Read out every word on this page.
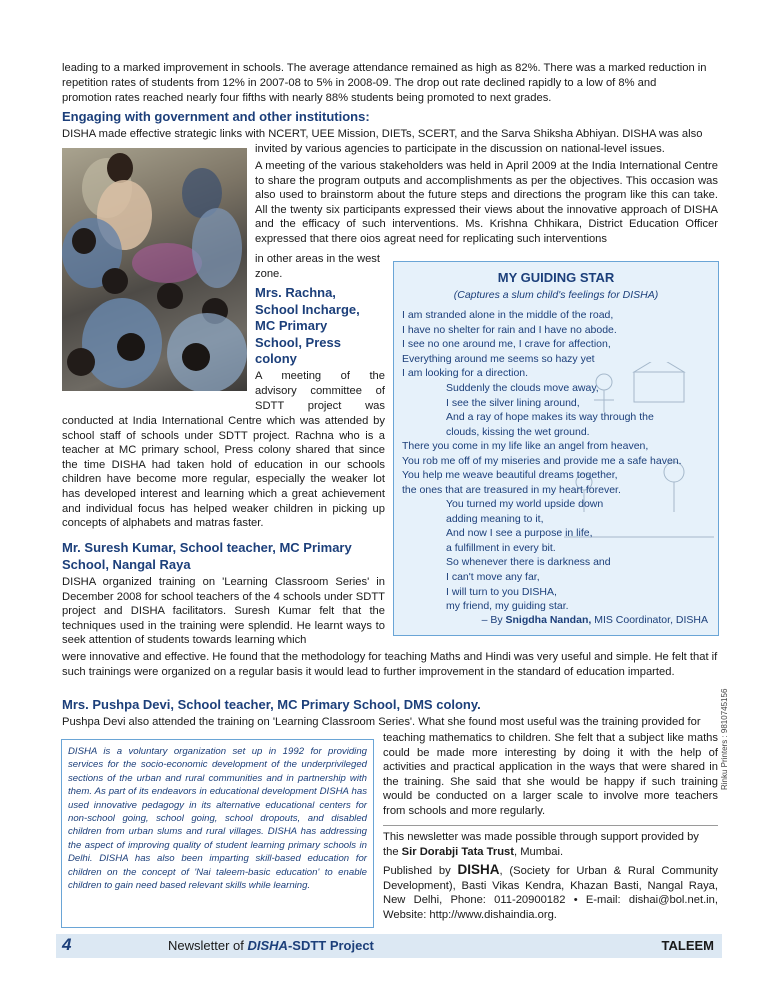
leading to a marked improvement in schools. The average attendance remained as high as 82%. There was a marked reduction in

repetition rates of students from 12% in 2007-08 to 5% in 2008-09. The drop out rate declined rapidly to a low of 8% and

promotion rates reached nearly four fifths with nearly 88% students being promoted to next grades.

Engaging with government and other institutions:

DISHA made effective strategic links with NCERT, UEE Mission, DIETs, SCERT, and the Sarva Shiksha Abhiyan. DISHA was also

invited by various agencies to participate in the discussion on national-level issues.

A meeting of the various stakeholders was held in April 2009 at the India International Centre to share the program outputs and accomplishments as per the objectives. This occasion was also used to brainstorm about the future steps and directions the program like this can take. All the twenty six participants expressed their views about the innovative approach of DISHA and the efficacy of such interventions. Ms. Krishna Chhikara, District Education Officer expressed that there oios agreat need for replicating such interventions

in other areas in the west

zone.

Mrs. Rachna,
School Incharge,
MC Primary
School, Press
colony

A meeting of the

advisory committee of

SDTT project was

conducted at India International Centre which was attended by school staff of schools under SDTT project. Rachna who is a teacher at MC primary school, Press colony shared that since the time DISHA had taken hold of education in our schools children have become more regular, especially the weaker lot has developed interest and learning which a great achievement and individual focus has helped weaker children in picking up concepts of alphabets and matras faster.

Mr. Suresh Kumar, School teacher, MC Primary
School, Nangal Raya

DISHA organized training on 'Learning Classroom Series' in December 2008 for school teachers of the 4 schools under SDTT project and DISHA facilitators. Suresh Kumar felt that the techniques used in the training were splendid. He learnt ways to seek attention of students towards learning which

were innovative and effective. He found that the methodology for teaching Maths and Hindi was very useful and simple. He felt that if such trainings were organized on a regular basis it would lead to further improvement in the standard of education imparted.

MY GUIDING STAR
(Captures a slum child's feelings for DISHA)
I am stranded alone in the middle of the road,
I have no shelter for rain and I have no abode.
I see no one around me, I crave for affection,
Everything around me seems so hazy yet
I am looking for a direction.
Suddenly the clouds move away,
I see the silver lining around,
And a ray of hope makes its way through the
clouds, kissing the wet ground.
There you come in my life like an angel from heaven,
You rob me off of my miseries and provide me a safe haven.
You help me weave beautiful dreams together,
the ones that are treasured in my heart forever.
You turned my world upside down
adding meaning to it,
And now I see a purpose in life,
a fulfillment in every bit.
So whenever there is darkness and
I can't move any far,
I will turn to you DISHA,
my friend, my guiding star.
– By Snigdha Nandan, MIS Coordinator, DISHA

Mrs. Pushpa Devi, School teacher, MC Primary School, DMS colony.

Pushpa Devi also attended the training on 'Learning Classroom Series'. What she found most useful was the training provided for

teaching mathematics to children. She felt that a subject like maths could be made more interesting by doing it with the help of activities and practical application in the ways that were shared in the training. She said that she would be happy if such training would be conducted on a larger scale to involve more teachers from schools and more regularly.

DISHA is a voluntary organization set up in 1992 for providing services for the socio-economic development of the underprivileged sections of the urban and rural communities and in partnership with them. As part of its endeavors in educational development DISHA has used innovative pedagogy in its alternative educational centers for non-school going, school going, school dropouts, and disabled children from urban slums and rural villages. DISHA has addressing the aspect of improving quality of student learning primary schools in Delhi. DISHA has also been imparting skill-based education for children on the concept of 'Nai taleem-basic education' to enable children to gain need based relevant skills while learning.

This newsletter was made possible through support provided by

the Sir Dorabji Tata Trust, Mumbai.

Published by DISHA, (Society for Urban & Rural Community Development), Basti Vikas Kendra, Khazan Basti, Nangal Raya, New Delhi, Phone: 011-20900182 • E-mail: dishai@bol.net.in, Website: http://www.dishaindia.org.

Rinku Printers : 9810745156
4	Newsletter of DISHA-SDTT Project	TALEEM
